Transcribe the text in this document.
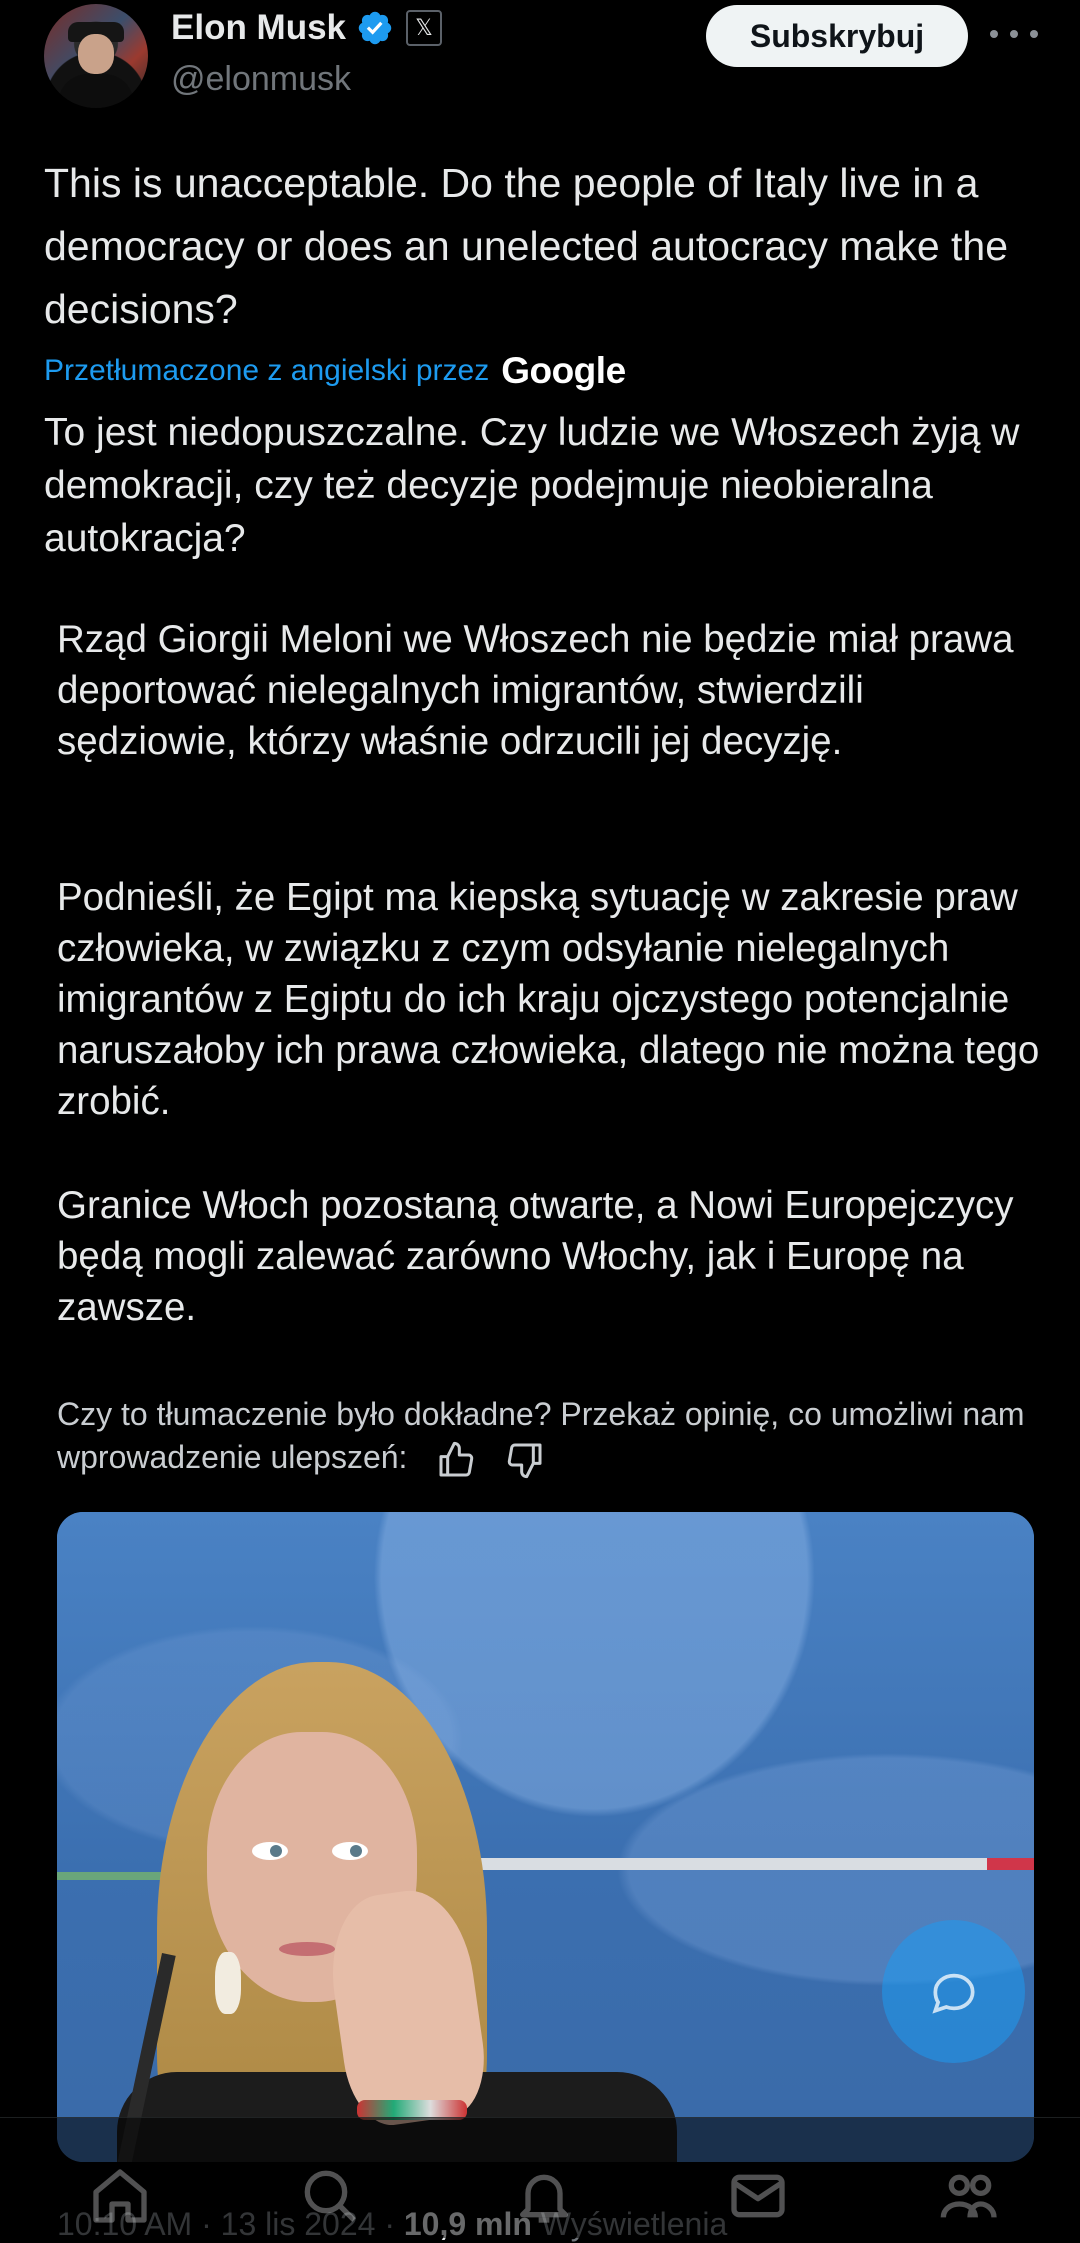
Elon Musk	𝕏
@elonmusk
Subskrybuj

This is unacceptable. Do the people of Italy live in a democracy or does an unelected autocracy make the decisions?

Przetłumaczone z angielski przez Google

To jest niedopuszczalne. Czy ludzie we Włoszech żyją w demokracji, czy też decyzje podejmuje nieobieralna autokracja?

Rząd Giorgii Meloni we Włoszech nie będzie miał prawa deportować nielegalnych imigrantów, stwierdzili sędziowie, którzy właśnie odrzucili jej decyzję.

Podnieśli, że Egipt ma kiepską sytuację w zakresie praw człowieka, w związku z czym odsyłanie nielegalnych imigrantów z Egiptu do ich kraju ojczystego potencjalnie naruszałoby ich prawa człowieka, dlatego nie można tego zrobić.

Granice Włoch pozostaną otwarte, a Nowi Europejczycy będą mogli zalewać zarówno Włochy, jak i Europę na zawsze.

Czy to tłumaczenie było dokładne? Przekaż opinię, co umożliwi nam wprowadzenie ulepszeń:
